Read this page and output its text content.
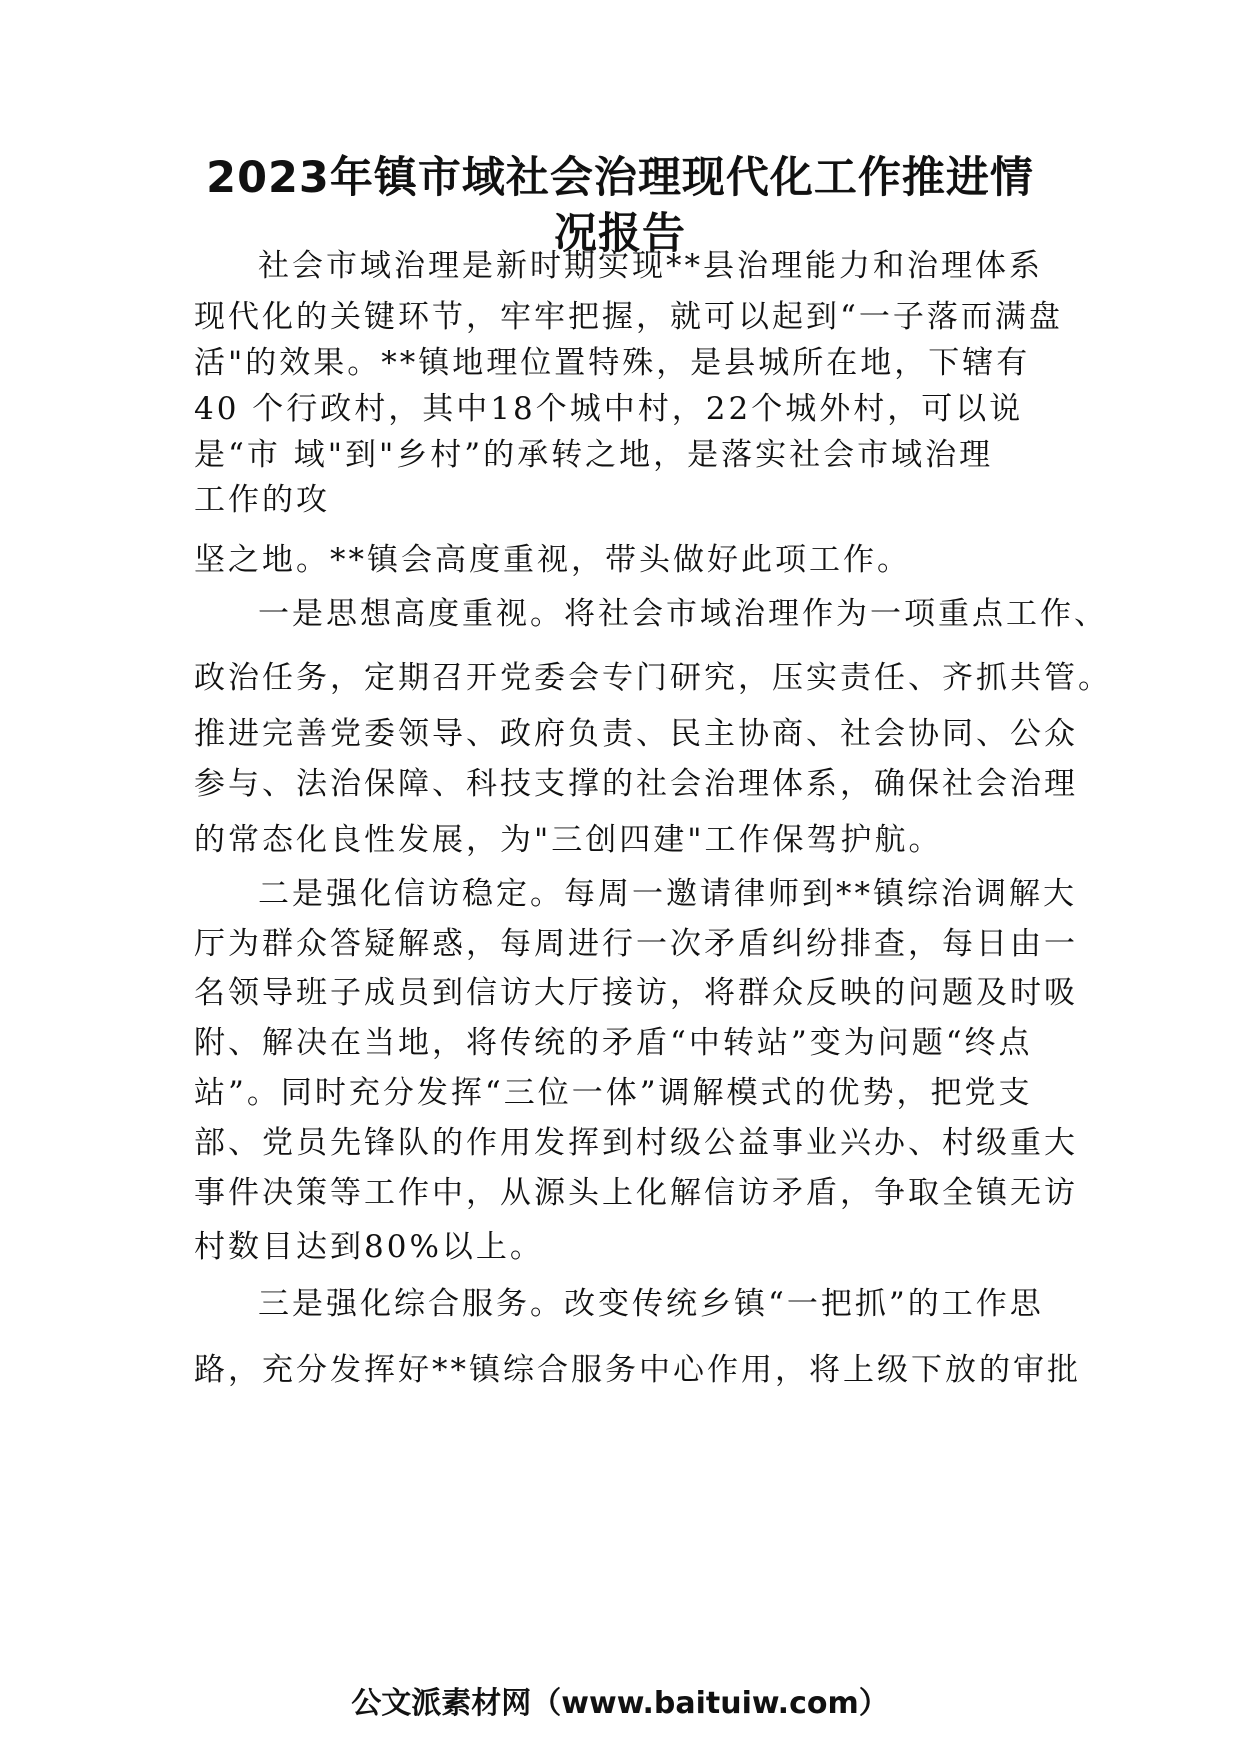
2023年镇市域社会治理现代化工作推进情
况报告
社会市域治理是新时期实现**县治理能力和治理体系
现代化的关键环节，牢牢把握，就可以起到“一子落而满盘
活"的效果。**镇地理位置特殊，是县城所在地，下辖有
40 个行政村，其中18个城中村，22个城外村，可以说
是“市 域"到"乡村”的承转之地，是落实社会市域治理
工作的攻
坚之地。**镇会高度重视，带头做好此项工作。
一是思想高度重视。将社会市域治理作为一项重点工作、
政治任务，定期召开党委会专门研究，压实责任、齐抓共管。
推进完善党委领导、政府负责、民主协商、社会协同、公众
参与、法治保障、科技支撑的社会治理体系，确保社会治理
的常态化良性发展，为"三创四建"工作保驾护航。
二是强化信访稳定。每周一邀请律师到**镇综治调解大
厅为群众答疑解惑，每周进行一次矛盾纠纷排查，每日由一
名领导班子成员到信访大厅接访，将群众反映的问题及时吸
附、解决在当地，将传统的矛盾“中转站”变为问题“终点
站”。同时充分发挥“三位一体”调解模式的优势，把党支
部、党员先锋队的作用发挥到村级公益事业兴办、村级重大
事件决策等工作中，从源头上化解信访矛盾，争取全镇无访
村数目达到80%以上。
三是强化综合服务。改变传统乡镇“一把抓”的工作思
路，充分发挥好**镇综合服务中心作用，将上级下放的审批
公文派素材网（www.baituiw.com）
